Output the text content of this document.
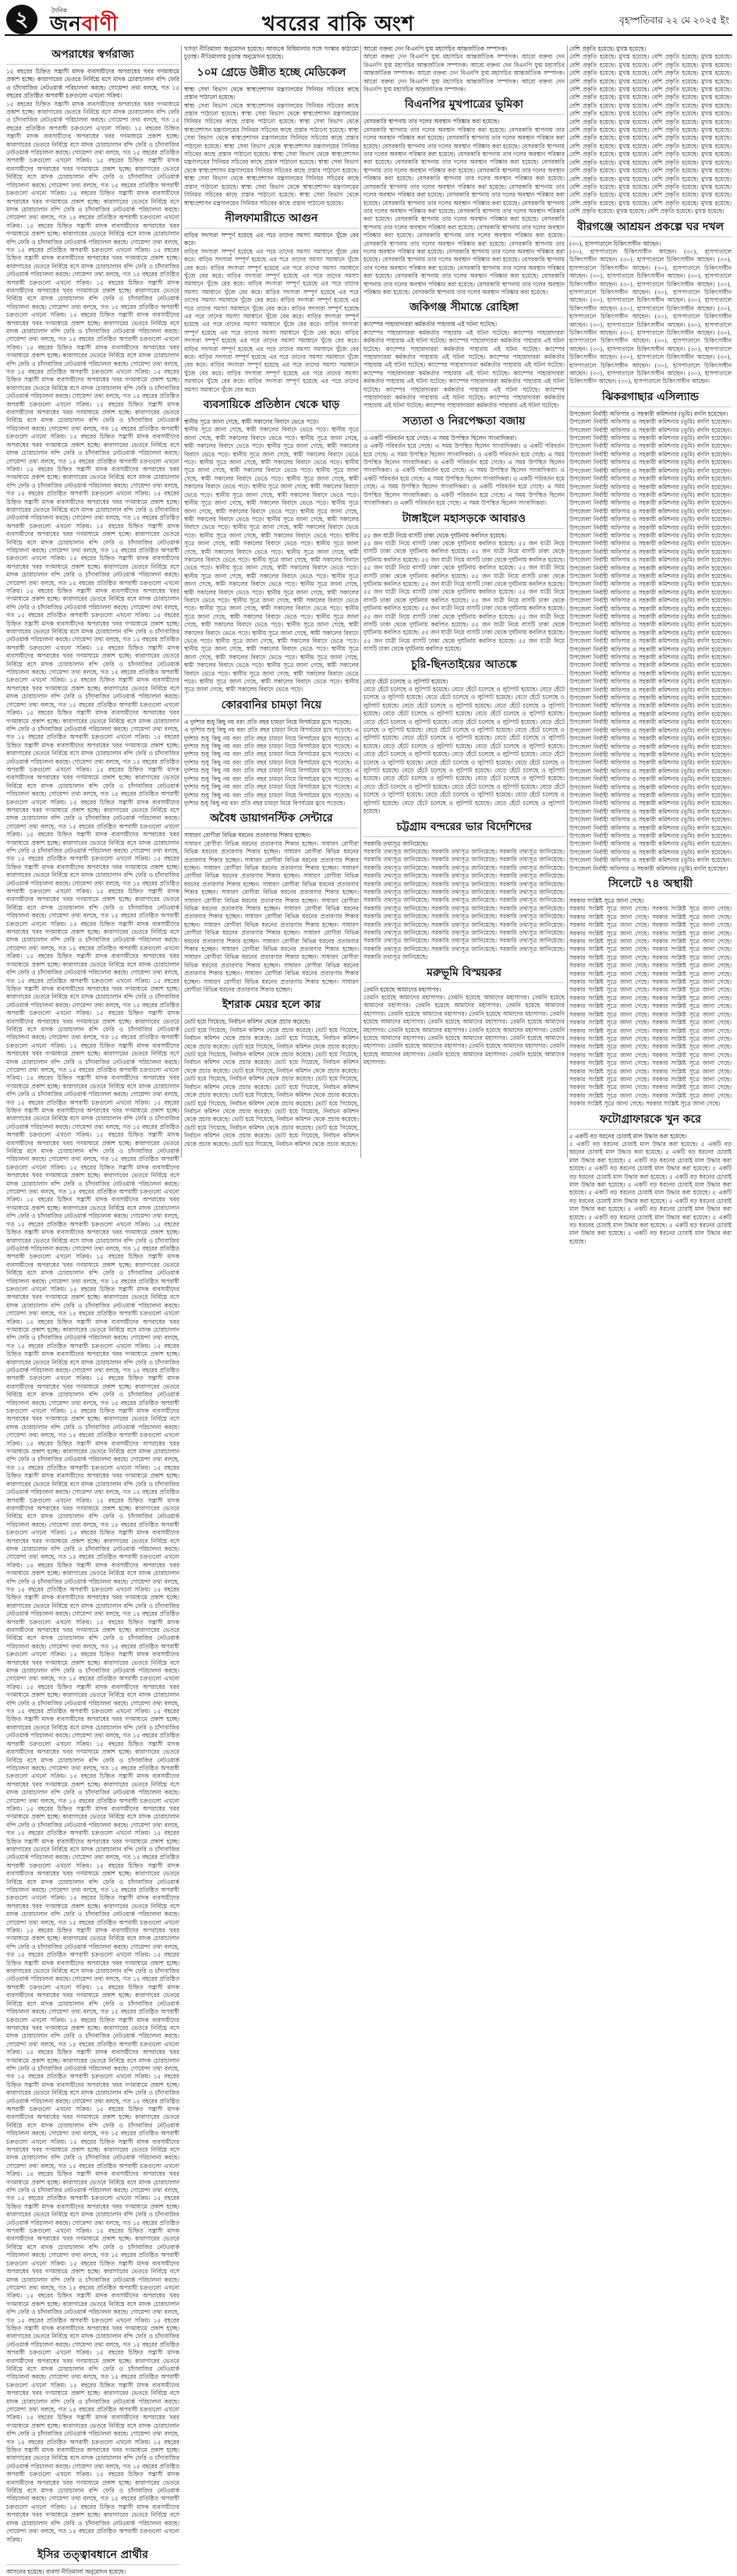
২	জনবাণী
দৈনিক
খবরের বাকি অংশ	বৃহস্পতিবার ২২ মে ২০২৫ ইং
অপরাধের স্বর্গরাজ্য
১৫ বছরের চিহ্নিত সন্ত্রাসী মাদক ব্যবসায়ীদের অপরাধের খবর গণমাধ্যমে প্রকাশ হচ্ছে। কারাগারের ভেতরে নির্বিঘ্নে বসে মাদক চোরাচালান বন্দি ফেরি ও চাঁদাবাজির নেটওয়ার্ক পরিচালনা করছে। গোয়েন্দা তথ্য বলছে, গত ১৫ বছরের প্রতিষ্ঠিত অপরাধী চক্রগুলো এখনো সক্রিয়।
১৫ বছরের চিহ্নিত সন্ত্রাসী মাদক ব্যবসায়ীদের অপরাধের খবর গণমাধ্যমে প্রকাশ হচ্ছে। কারাগারের ভেতরে নির্বিঘ্নে বসে মাদক চোরাচালান বন্দি ফেরি ও চাঁদাবাজির নেটওয়ার্ক পরিচালনা করছে। গোয়েন্দা তথ্য বলছে, গত ১৫ বছরের প্রতিষ্ঠিত অপরাধী চক্রগুলো এখনো সক্রিয়। ১৫ বছরের চিহ্নিত সন্ত্রাসী মাদক ব্যবসায়ীদের অপরাধের খবর গণমাধ্যমে প্রকাশ হচ্ছে। কারাগারের ভেতরে নির্বিঘ্নে বসে মাদক চোরাচালান বন্দি ফেরি ও চাঁদাবাজির নেটওয়ার্ক পরিচালনা করছে। গোয়েন্দা তথ্য বলছে, গত ১৫ বছরের প্রতিষ্ঠিত অপরাধী চক্রগুলো এখনো সক্রিয়। ১৫ বছরের চিহ্নিত সন্ত্রাসী মাদক ব্যবসায়ীদের অপরাধের খবর গণমাধ্যমে প্রকাশ হচ্ছে। কারাগারের ভেতরে নির্বিঘ্নে বসে মাদক চোরাচালান বন্দি ফেরি ও চাঁদাবাজির নেটওয়ার্ক পরিচালনা করছে। গোয়েন্দা তথ্য বলছে, গত ১৫ বছরের প্রতিষ্ঠিত অপরাধী চক্রগুলো এখনো সক্রিয়। ১৫ বছরের চিহ্নিত সন্ত্রাসী মাদক ব্যবসায়ীদের অপরাধের খবর গণমাধ্যমে প্রকাশ হচ্ছে। কারাগারের ভেতরে নির্বিঘ্নে বসে মাদক চোরাচালান বন্দি ফেরি ও চাঁদাবাজির নেটওয়ার্ক পরিচালনা করছে। গোয়েন্দা তথ্য বলছে, গত ১৫ বছরের প্রতিষ্ঠিত অপরাধী চক্রগুলো এখনো সক্রিয়। ১৫ বছরের চিহ্নিত সন্ত্রাসী মাদক ব্যবসায়ীদের অপরাধের খবর গণমাধ্যমে প্রকাশ হচ্ছে। কারাগারের ভেতরে নির্বিঘ্নে বসে মাদক চোরাচালান বন্দি ফেরি ও চাঁদাবাজির নেটওয়ার্ক পরিচালনা করছে। গোয়েন্দা তথ্য বলছে, গত ১৫ বছরের প্রতিষ্ঠিত অপরাধী চক্রগুলো এখনো সক্রিয়। ১৫ বছরের চিহ্নিত সন্ত্রাসী মাদক ব্যবসায়ীদের অপরাধের খবর গণমাধ্যমে প্রকাশ হচ্ছে। কারাগারের ভেতরে নির্বিঘ্নে বসে মাদক চোরাচালান বন্দি ফেরি ও চাঁদাবাজির নেটওয়ার্ক পরিচালনা করছে। গোয়েন্দা তথ্য বলছে, গত ১৫ বছরের প্রতিষ্ঠিত অপরাধী চক্রগুলো এখনো সক্রিয়। ১৫ বছরের চিহ্নিত সন্ত্রাসী মাদক ব্যবসায়ীদের অপরাধের খবর গণমাধ্যমে প্রকাশ হচ্ছে। কারাগারের ভেতরে নির্বিঘ্নে বসে মাদক চোরাচালান বন্দি ফেরি ও চাঁদাবাজির নেটওয়ার্ক পরিচালনা করছে। গোয়েন্দা তথ্য বলছে, গত ১৫ বছরের প্রতিষ্ঠিত অপরাধী চক্রগুলো এখনো সক্রিয়। ১৫ বছরের চিহ্নিত সন্ত্রাসী মাদক ব্যবসায়ীদের অপরাধের খবর গণমাধ্যমে প্রকাশ হচ্ছে। কারাগারের ভেতরে নির্বিঘ্নে বসে মাদক চোরাচালান বন্দি ফেরি ও চাঁদাবাজির নেটওয়ার্ক পরিচালনা করছে। গোয়েন্দা তথ্য বলছে, গত ১৫ বছরের প্রতিষ্ঠিত অপরাধী চক্রগুলো এখনো সক্রিয়। ১৫ বছরের চিহ্নিত সন্ত্রাসী মাদক ব্যবসায়ীদের অপরাধের খবর গণমাধ্যমে প্রকাশ হচ্ছে। কারাগারের ভেতরে নির্বিঘ্নে বসে মাদক চোরাচালান বন্দি ফেরি ও চাঁদাবাজির নেটওয়ার্ক পরিচালনা করছে। গোয়েন্দা তথ্য বলছে, গত ১৫ বছরের প্রতিষ্ঠিত অপরাধী চক্রগুলো এখনো সক্রিয়। ১৫ বছরের চিহ্নিত সন্ত্রাসী মাদক ব্যবসায়ীদের অপরাধের খবর গণমাধ্যমে প্রকাশ হচ্ছে। কারাগারের ভেতরে নির্বিঘ্নে বসে মাদক চোরাচালান বন্দি ফেরি ও চাঁদাবাজির নেটওয়ার্ক পরিচালনা করছে। গোয়েন্দা তথ্য বলছে, গত ১৫ বছরের প্রতিষ্ঠিত অপরাধী চক্রগুলো এখনো সক্রিয়। ১৫ বছরের চিহ্নিত সন্ত্রাসী মাদক ব্যবসায়ীদের অপরাধের খবর গণমাধ্যমে প্রকাশ হচ্ছে। কারাগারের ভেতরে নির্বিঘ্নে বসে মাদক চোরাচালান বন্দি ফেরি ও চাঁদাবাজির নেটওয়ার্ক পরিচালনা করছে। গোয়েন্দা তথ্য বলছে, গত ১৫ বছরের প্রতিষ্ঠিত অপরাধী চক্রগুলো এখনো সক্রিয়। ১৫ বছরের চিহ্নিত সন্ত্রাসী মাদক ব্যবসায়ীদের অপরাধের খবর গণমাধ্যমে প্রকাশ হচ্ছে। কারাগারের ভেতরে নির্বিঘ্নে বসে মাদক চোরাচালান বন্দি ফেরি ও চাঁদাবাজির নেটওয়ার্ক পরিচালনা করছে। গোয়েন্দা তথ্য বলছে, গত ১৫ বছরের প্রতিষ্ঠিত অপরাধী চক্রগুলো এখনো সক্রিয়। ১৫ বছরের চিহ্নিত সন্ত্রাসী মাদক ব্যবসায়ীদের অপরাধের খবর গণমাধ্যমে প্রকাশ হচ্ছে। কারাগারের ভেতরে নির্বিঘ্নে বসে মাদক চোরাচালান বন্দি ফেরি ও চাঁদাবাজির নেটওয়ার্ক পরিচালনা করছে। গোয়েন্দা তথ্য বলছে, গত ১৫ বছরের প্রতিষ্ঠিত অপরাধী চক্রগুলো এখনো সক্রিয়। ১৫ বছরের চিহ্নিত সন্ত্রাসী মাদক ব্যবসায়ীদের অপরাধের খবর গণমাধ্যমে প্রকাশ হচ্ছে। কারাগারের ভেতরে নির্বিঘ্নে বসে মাদক চোরাচালান বন্দি ফেরি ও চাঁদাবাজির নেটওয়ার্ক পরিচালনা করছে। গোয়েন্দা তথ্য বলছে, গত ১৫ বছরের প্রতিষ্ঠিত অপরাধী চক্রগুলো এখনো সক্রিয়। ১৫ বছরের চিহ্নিত সন্ত্রাসী মাদক ব্যবসায়ীদের অপরাধের খবর গণমাধ্যমে প্রকাশ হচ্ছে। কারাগারের ভেতরে নির্বিঘ্নে বসে মাদক চোরাচালান বন্দি ফেরি ও চাঁদাবাজির নেটওয়ার্ক পরিচালনা করছে। গোয়েন্দা তথ্য বলছে, গত ১৫ বছরের প্রতিষ্ঠিত অপরাধী চক্রগুলো এখনো সক্রিয়। ১৫ বছরের চিহ্নিত সন্ত্রাসী মাদক ব্যবসায়ীদের অপরাধের খবর গণমাধ্যমে প্রকাশ হচ্ছে। কারাগারের ভেতরে নির্বিঘ্নে বসে মাদক চোরাচালান বন্দি ফেরি ও চাঁদাবাজির নেটওয়ার্ক পরিচালনা করছে। গোয়েন্দা তথ্য বলছে, গত ১৫ বছরের প্রতিষ্ঠিত অপরাধী চক্রগুলো এখনো সক্রিয়। ১৫ বছরের চিহ্নিত সন্ত্রাসী মাদক ব্যবসায়ীদের অপরাধের খবর গণমাধ্যমে প্রকাশ হচ্ছে। কারাগারের ভেতরে নির্বিঘ্নে বসে মাদক চোরাচালান বন্দি ফেরি ও চাঁদাবাজির নেটওয়ার্ক পরিচালনা করছে। গোয়েন্দা তথ্য বলছে, গত ১৫ বছরের প্রতিষ্ঠিত অপরাধী চক্রগুলো এখনো সক্রিয়। ১৫ বছরের চিহ্নিত সন্ত্রাসী মাদক ব্যবসায়ীদের অপরাধের খবর গণমাধ্যমে প্রকাশ হচ্ছে। কারাগারের ভেতরে নির্বিঘ্নে বসে মাদক চোরাচালান বন্দি ফেরি ও চাঁদাবাজির নেটওয়ার্ক পরিচালনা করছে। গোয়েন্দা তথ্য বলছে, গত ১৫ বছরের প্রতিষ্ঠিত অপরাধী চক্রগুলো এখনো সক্রিয়। ১৫ বছরের চিহ্নিত সন্ত্রাসী মাদক ব্যবসায়ীদের অপরাধের খবর গণমাধ্যমে প্রকাশ হচ্ছে। কারাগারের ভেতরে নির্বিঘ্নে বসে মাদক চোরাচালান বন্দি ফেরি ও চাঁদাবাজির নেটওয়ার্ক পরিচালনা করছে। গোয়েন্দা তথ্য বলছে, গত ১৫ বছরের প্রতিষ্ঠিত অপরাধী চক্রগুলো এখনো সক্রিয়। ১৫ বছরের চিহ্নিত সন্ত্রাসী মাদক ব্যবসায়ীদের অপরাধের খবর গণমাধ্যমে প্রকাশ হচ্ছে। কারাগারের ভেতরে নির্বিঘ্নে বসে মাদক চোরাচালান বন্দি ফেরি ও চাঁদাবাজির নেটওয়ার্ক পরিচালনা করছে। গোয়েন্দা তথ্য বলছে, গত ১৫ বছরের প্রতিষ্ঠিত অপরাধী চক্রগুলো এখনো সক্রিয়। ১৫ বছরের চিহ্নিত সন্ত্রাসী মাদক ব্যবসায়ীদের অপরাধের খবর গণমাধ্যমে প্রকাশ হচ্ছে। কারাগারের ভেতরে নির্বিঘ্নে বসে মাদক চোরাচালান বন্দি ফেরি ও চাঁদাবাজির নেটওয়ার্ক পরিচালনা করছে। গোয়েন্দা তথ্য বলছে, গত ১৫ বছরের প্রতিষ্ঠিত অপরাধী চক্রগুলো এখনো সক্রিয়। ১৫ বছরের চিহ্নিত সন্ত্রাসী মাদক ব্যবসায়ীদের অপরাধের খবর গণমাধ্যমে প্রকাশ হচ্ছে। কারাগারের ভেতরে নির্বিঘ্নে বসে মাদক চোরাচালান বন্দি ফেরি ও চাঁদাবাজির নেটওয়ার্ক পরিচালনা করছে। গোয়েন্দা তথ্য বলছে, গত ১৫ বছরের প্রতিষ্ঠিত অপরাধী চক্রগুলো এখনো সক্রিয়। ১৫ বছরের চিহ্নিত সন্ত্রাসী মাদক ব্যবসায়ীদের অপরাধের খবর গণমাধ্যমে প্রকাশ হচ্ছে। কারাগারের ভেতরে নির্বিঘ্নে বসে মাদক চোরাচালান বন্দি ফেরি ও চাঁদাবাজির নেটওয়ার্ক পরিচালনা করছে। গোয়েন্দা তথ্য বলছে, গত ১৫ বছরের প্রতিষ্ঠিত অপরাধী চক্রগুলো এখনো সক্রিয়। ১৫ বছরের চিহ্নিত সন্ত্রাসী মাদক ব্যবসায়ীদের অপরাধের খবর গণমাধ্যমে প্রকাশ হচ্ছে। কারাগারের ভেতরে নির্বিঘ্নে বসে মাদক চোরাচালান বন্দি ফেরি ও চাঁদাবাজির নেটওয়ার্ক পরিচালনা করছে। গোয়েন্দা তথ্য বলছে, গত ১৫ বছরের প্রতিষ্ঠিত অপরাধী চক্রগুলো এখনো সক্রিয়। ১৫ বছরের চিহ্নিত সন্ত্রাসী মাদক ব্যবসায়ীদের অপরাধের খবর গণমাধ্যমে প্রকাশ হচ্ছে। কারাগারের ভেতরে নির্বিঘ্নে বসে মাদক চোরাচালান বন্দি ফেরি ও চাঁদাবাজির নেটওয়ার্ক পরিচালনা করছে। গোয়েন্দা তথ্য বলছে, গত ১৫ বছরের প্রতিষ্ঠিত অপরাধী চক্রগুলো এখনো সক্রিয়। ১৫ বছরের চিহ্নিত সন্ত্রাসী মাদক ব্যবসায়ীদের অপরাধের খবর গণমাধ্যমে প্রকাশ হচ্ছে। কারাগারের ভেতরে নির্বিঘ্নে বসে মাদক চোরাচালান বন্দি ফেরি ও চাঁদাবাজির নেটওয়ার্ক পরিচালনা করছে। গোয়েন্দা তথ্য বলছে, গত ১৫ বছরের প্রতিষ্ঠিত অপরাধী চক্রগুলো এখনো সক্রিয়। ১৫ বছরের চিহ্নিত সন্ত্রাসী মাদক ব্যবসায়ীদের অপরাধের খবর গণমাধ্যমে প্রকাশ হচ্ছে। কারাগারের ভেতরে নির্বিঘ্নে বসে মাদক চোরাচালান বন্দি ফেরি ও চাঁদাবাজির নেটওয়ার্ক পরিচালনা করছে। গোয়েন্দা তথ্য বলছে, গত ১৫ বছরের প্রতিষ্ঠিত অপরাধী চক্রগুলো এখনো সক্রিয়। ১৫ বছরের চিহ্নিত সন্ত্রাসী মাদক ব্যবসায়ীদের অপরাধের খবর গণমাধ্যমে প্রকাশ হচ্ছে। কারাগারের ভেতরে নির্বিঘ্নে বসে মাদক চোরাচালান বন্দি ফেরি ও চাঁদাবাজির নেটওয়ার্ক পরিচালনা করছে। গোয়েন্দা তথ্য বলছে, গত ১৫ বছরের প্রতিষ্ঠিত অপরাধী চক্রগুলো এখনো সক্রিয়। ১৫ বছরের চিহ্নিত সন্ত্রাসী মাদক ব্যবসায়ীদের অপরাধের খবর গণমাধ্যমে প্রকাশ হচ্ছে। কারাগারের ভেতরে নির্বিঘ্নে বসে মাদক চোরাচালান বন্দি ফেরি ও চাঁদাবাজির নেটওয়ার্ক পরিচালনা করছে। গোয়েন্দা তথ্য বলছে, গত ১৫ বছরের প্রতিষ্ঠিত অপরাধী চক্রগুলো এখনো সক্রিয়। ১৫ বছরের চিহ্নিত সন্ত্রাসী মাদক ব্যবসায়ীদের অপরাধের খবর গণমাধ্যমে প্রকাশ হচ্ছে। কারাগারের ভেতরে নির্বিঘ্নে বসে মাদক চোরাচালান বন্দি ফেরি ও চাঁদাবাজির নেটওয়ার্ক পরিচালনা করছে। গোয়েন্দা তথ্য বলছে, গত ১৫ বছরের প্রতিষ্ঠিত অপরাধী চক্রগুলো এখনো সক্রিয়। ১৫ বছরের চিহ্নিত সন্ত্রাসী মাদক ব্যবসায়ীদের অপরাধের খবর গণমাধ্যমে প্রকাশ হচ্ছে। কারাগারের ভেতরে নির্বিঘ্নে বসে মাদক চোরাচালান বন্দি ফেরি ও চাঁদাবাজির নেটওয়ার্ক পরিচালনা করছে। গোয়েন্দা তথ্য বলছে, গত ১৫ বছরের প্রতিষ্ঠিত অপরাধী চক্রগুলো এখনো সক্রিয়। ১৫ বছরের চিহ্নিত সন্ত্রাসী মাদক ব্যবসায়ীদের অপরাধের খবর গণমাধ্যমে প্রকাশ হচ্ছে। কারাগারের ভেতরে নির্বিঘ্নে বসে মাদক চোরাচালান বন্দি ফেরি ও চাঁদাবাজির নেটওয়ার্ক পরিচালনা করছে। গোয়েন্দা তথ্য বলছে, গত ১৫ বছরের প্রতিষ্ঠিত অপরাধী চক্রগুলো এখনো সক্রিয়। ১৫ বছরের চিহ্নিত সন্ত্রাসী মাদক ব্যবসায়ীদের অপরাধের খবর গণমাধ্যমে প্রকাশ হচ্ছে। কারাগারের ভেতরে নির্বিঘ্নে বসে মাদক চোরাচালান বন্দি ফেরি ও চাঁদাবাজির নেটওয়ার্ক পরিচালনা করছে। গোয়েন্দা তথ্য বলছে, গত ১৫ বছরের প্রতিষ্ঠিত অপরাধী চক্রগুলো এখনো সক্রিয়। ১৫ বছরের চিহ্নিত সন্ত্রাসী মাদক ব্যবসায়ীদের অপরাধের খবর গণমাধ্যমে প্রকাশ হচ্ছে। কারাগারের ভেতরে নির্বিঘ্নে বসে মাদক চোরাচালান বন্দি ফেরি ও চাঁদাবাজির নেটওয়ার্ক পরিচালনা করছে। গোয়েন্দা তথ্য বলছে, গত ১৫ বছরের প্রতিষ্ঠিত অপরাধী চক্রগুলো এখনো সক্রিয়। ১৫ বছরের চিহ্নিত সন্ত্রাসী মাদক ব্যবসায়ীদের অপরাধের খবর গণমাধ্যমে প্রকাশ হচ্ছে। কারাগারের ভেতরে নির্বিঘ্নে বসে মাদক চোরাচালান বন্দি ফেরি ও চাঁদাবাজির নেটওয়ার্ক পরিচালনা করছে। গোয়েন্দা তথ্য বলছে, গত ১৫ বছরের প্রতিষ্ঠিত অপরাধী চক্রগুলো এখনো সক্রিয়। ১৫ বছরের চিহ্নিত সন্ত্রাসী মাদক ব্যবসায়ীদের অপরাধের খবর গণমাধ্যমে প্রকাশ হচ্ছে। কারাগারের ভেতরে নির্বিঘ্নে বসে মাদক চোরাচালান বন্দি ফেরি ও চাঁদাবাজির নেটওয়ার্ক পরিচালনা করছে। গোয়েন্দা তথ্য বলছে, গত ১৫ বছরের প্রতিষ্ঠিত অপরাধী চক্রগুলো এখনো সক্রিয়। ১৫ বছরের চিহ্নিত সন্ত্রাসী মাদক ব্যবসায়ীদের অপরাধের খবর গণমাধ্যমে প্রকাশ হচ্ছে। কারাগারের ভেতরে নির্বিঘ্নে বসে মাদক চোরাচালান বন্দি ফেরি ও চাঁদাবাজির নেটওয়ার্ক পরিচালনা করছে। গোয়েন্দা তথ্য বলছে, গত ১৫ বছরের প্রতিষ্ঠিত অপরাধী চক্রগুলো এখনো সক্রিয়। ১৫ বছরের চিহ্নিত সন্ত্রাসী মাদক ব্যবসায়ীদের অপরাধের খবর গণমাধ্যমে প্রকাশ হচ্ছে। কারাগারের ভেতরে নির্বিঘ্নে বসে মাদক চোরাচালান বন্দি ফেরি ও চাঁদাবাজির নেটওয়ার্ক পরিচালনা করছে। গোয়েন্দা তথ্য বলছে, গত ১৫ বছরের প্রতিষ্ঠিত অপরাধী চক্রগুলো এখনো সক্রিয়। ১৫ বছরের চিহ্নিত সন্ত্রাসী মাদক ব্যবসায়ীদের অপরাধের খবর গণমাধ্যমে প্রকাশ হচ্ছে। কারাগারের ভেতরে নির্বিঘ্নে বসে মাদক চোরাচালান বন্দি ফেরি ও চাঁদাবাজির নেটওয়ার্ক পরিচালনা করছে। গোয়েন্দা তথ্য বলছে, গত ১৫ বছরের প্রতিষ্ঠিত অপরাধী চক্রগুলো এখনো সক্রিয়। ১৫ বছরের চিহ্নিত সন্ত্রাসী মাদক ব্যবসায়ীদের অপরাধের খবর গণমাধ্যমে প্রকাশ হচ্ছে। কারাগারের ভেতরে নির্বিঘ্নে বসে মাদক চোরাচালান বন্দি ফেরি ও চাঁদাবাজির নেটওয়ার্ক পরিচালনা করছে। গোয়েন্দা তথ্য বলছে, গত ১৫ বছরের প্রতিষ্ঠিত অপরাধী চক্রগুলো এখনো সক্রিয়। ১৫ বছরের চিহ্নিত সন্ত্রাসী মাদক ব্যবসায়ীদের অপরাধের খবর গণমাধ্যমে প্রকাশ হচ্ছে। কারাগারের ভেতরে নির্বিঘ্নে বসে মাদক চোরাচালান বন্দি ফেরি ও চাঁদাবাজির নেটওয়ার্ক পরিচালনা করছে। গোয়েন্দা তথ্য বলছে, গত ১৫ বছরের প্রতিষ্ঠিত অপরাধী চক্রগুলো এখনো সক্রিয়। ১৫ বছরের চিহ্নিত সন্ত্রাসী মাদক ব্যবসায়ীদের অপরাধের খবর গণমাধ্যমে প্রকাশ হচ্ছে। কারাগারের ভেতরে নির্বিঘ্নে বসে মাদক চোরাচালান বন্দি ফেরি ও চাঁদাবাজির নেটওয়ার্ক পরিচালনা করছে। গোয়েন্দা তথ্য বলছে, গত ১৫ বছরের প্রতিষ্ঠিত অপরাধী চক্রগুলো এখনো সক্রিয়। ১৫ বছরের চিহ্নিত সন্ত্রাসী মাদক ব্যবসায়ীদের অপরাধের খবর গণমাধ্যমে প্রকাশ হচ্ছে। কারাগারের ভেতরে নির্বিঘ্নে বসে মাদক চোরাচালান বন্দি ফেরি ও চাঁদাবাজির নেটওয়ার্ক পরিচালনা করছে। গোয়েন্দা তথ্য বলছে, গত ১৫ বছরের প্রতিষ্ঠিত অপরাধী চক্রগুলো এখনো সক্রিয়। ১৫ বছরের চিহ্নিত সন্ত্রাসী মাদক ব্যবসায়ীদের অপরাধের খবর গণমাধ্যমে প্রকাশ হচ্ছে। কারাগারের ভেতরে নির্বিঘ্নে বসে মাদক চোরাচালান বন্দি ফেরি ও চাঁদাবাজির নেটওয়ার্ক পরিচালনা করছে। গোয়েন্দা তথ্য বলছে, গত ১৫ বছরের প্রতিষ্ঠিত অপরাধী চক্রগুলো এখনো সক্রিয়। ১৫ বছরের চিহ্নিত সন্ত্রাসী মাদক ব্যবসায়ীদের অপরাধের খবর গণমাধ্যমে প্রকাশ হচ্ছে। কারাগারের ভেতরে নির্বিঘ্নে বসে মাদক চোরাচালান বন্দি ফেরি ও চাঁদাবাজির নেটওয়ার্ক পরিচালনা করছে। গোয়েন্দা তথ্য বলছে, গত ১৫ বছরের প্রতিষ্ঠিত অপরাধী চক্রগুলো এখনো সক্রিয়। ১৫ বছরের চিহ্নিত সন্ত্রাসী মাদক ব্যবসায়ীদের অপরাধের খবর গণমাধ্যমে প্রকাশ হচ্ছে। কারাগারের ভেতরে নির্বিঘ্নে বসে মাদক চোরাচালান বন্দি ফেরি ও চাঁদাবাজির নেটওয়ার্ক পরিচালনা করছে। গোয়েন্দা তথ্য বলছে, গত ১৫ বছরের প্রতিষ্ঠিত অপরাধী চক্রগুলো এখনো সক্রিয়। ১৫ বছরের চিহ্নিত সন্ত্রাসী মাদক ব্যবসায়ীদের অপরাধের খবর গণমাধ্যমে প্রকাশ হচ্ছে। কারাগারের ভেতরে নির্বিঘ্নে বসে মাদক চোরাচালান বন্দি ফেরি ও চাঁদাবাজির নেটওয়ার্ক পরিচালনা করছে। গোয়েন্দা তথ্য বলছে, গত ১৫ বছরের প্রতিষ্ঠিত অপরাধী চক্রগুলো এখনো সক্রিয়। ১৫ বছরের চিহ্নিত সন্ত্রাসী মাদক ব্যবসায়ীদের অপরাধের খবর গণমাধ্যমে প্রকাশ হচ্ছে। কারাগারের ভেতরে নির্বিঘ্নে বসে মাদক চোরাচালান বন্দি ফেরি ও চাঁদাবাজির নেটওয়ার্ক পরিচালনা করছে। গোয়েন্দা তথ্য বলছে, গত ১৫ বছরের প্রতিষ্ঠিত অপরাধী চক্রগুলো এখনো সক্রিয়। ১৫ বছরের চিহ্নিত সন্ত্রাসী মাদক ব্যবসায়ীদের অপরাধের খবর গণমাধ্যমে প্রকাশ হচ্ছে। কারাগারের ভেতরে নির্বিঘ্নে বসে মাদক চোরাচালান বন্দি ফেরি ও চাঁদাবাজির নেটওয়ার্ক পরিচালনা করছে। গোয়েন্দা তথ্য বলছে, গত ১৫ বছরের প্রতিষ্ঠিত অপরাধী চক্রগুলো এখনো সক্রিয়। ১৫ বছরের চিহ্নিত সন্ত্রাসী মাদক ব্যবসায়ীদের অপরাধের খবর গণমাধ্যমে প্রকাশ হচ্ছে। কারাগারের ভেতরে নির্বিঘ্নে বসে মাদক চোরাচালান বন্দি ফেরি ও চাঁদাবাজির নেটওয়ার্ক পরিচালনা করছে। গোয়েন্দা তথ্য বলছে, গত ১৫ বছরের প্রতিষ্ঠিত অপরাধী চক্রগুলো এখনো সক্রিয়। ১৫ বছরের চিহ্নিত সন্ত্রাসী মাদক ব্যবসায়ীদের অপরাধের খবর গণমাধ্যমে প্রকাশ হচ্ছে। কারাগারের ভেতরে নির্বিঘ্নে বসে মাদক চোরাচালান বন্দি ফেরি ও চাঁদাবাজির নেটওয়ার্ক পরিচালনা করছে। গোয়েন্দা তথ্য বলছে, গত ১৫ বছরের প্রতিষ্ঠিত অপরাধী চক্রগুলো এখনো সক্রিয়। ১৫ বছরের চিহ্নিত সন্ত্রাসী মাদক ব্যবসায়ীদের অপরাধের খবর গণমাধ্যমে প্রকাশ হচ্ছে। কারাগারের ভেতরে নির্বিঘ্নে বসে মাদক চোরাচালান বন্দি ফেরি ও চাঁদাবাজির নেটওয়ার্ক পরিচালনা করছে। গোয়েন্দা তথ্য বলছে, গত ১৫ বছরের প্রতিষ্ঠিত অপরাধী চক্রগুলো এখনো সক্রিয়। ১৫ বছরের চিহ্নিত সন্ত্রাসী মাদক ব্যবসায়ীদের অপরাধের খবর গণমাধ্যমে প্রকাশ হচ্ছে। কারাগারের ভেতরে নির্বিঘ্নে বসে মাদক চোরাচালান বন্দি ফেরি ও চাঁদাবাজির নেটওয়ার্ক পরিচালনা করছে। গোয়েন্দা তথ্য বলছে, গত ১৫ বছরের প্রতিষ্ঠিত অপরাধী চক্রগুলো এখনো সক্রিয়। ১৫ বছরের চিহ্নিত সন্ত্রাসী মাদক ব্যবসায়ীদের অপরাধের খবর গণমাধ্যমে প্রকাশ হচ্ছে। কারাগারের ভেতরে নির্বিঘ্নে বসে মাদক চোরাচালান বন্দি ফেরি ও চাঁদাবাজির নেটওয়ার্ক পরিচালনা করছে। গোয়েন্দা তথ্য বলছে, গত ১৫ বছরের প্রতিষ্ঠিত অপরাধী চক্রগুলো এখনো সক্রিয়। ১৫ বছরের চিহ্নিত সন্ত্রাসী মাদক ব্যবসায়ীদের অপরাধের খবর গণমাধ্যমে প্রকাশ হচ্ছে। কারাগারের ভেতরে নির্বিঘ্নে বসে মাদক চোরাচালান বন্দি ফেরি ও চাঁদাবাজির নেটওয়ার্ক পরিচালনা করছে। গোয়েন্দা তথ্য বলছে, গত ১৫ বছরের প্রতিষ্ঠিত অপরাধী চক্রগুলো এখনো সক্রিয়। ১৫ বছরের চিহ্নিত সন্ত্রাসী মাদক ব্যবসায়ীদের অপরাধের খবর গণমাধ্যমে প্রকাশ হচ্ছে। কারাগারের ভেতরে নির্বিঘ্নে বসে মাদক চোরাচালান বন্দি ফেরি ও চাঁদাবাজির নেটওয়ার্ক পরিচালনা করছে। গোয়েন্দা তথ্য বলছে, গত ১৫ বছরের প্রতিষ্ঠিত অপরাধী চক্রগুলো এখনো সক্রিয়। ১৫ বছরের চিহ্নিত সন্ত্রাসী মাদক ব্যবসায়ীদের অপরাধের খবর গণমাধ্যমে প্রকাশ হচ্ছে। কারাগারের ভেতরে নির্বিঘ্নে বসে মাদক চোরাচালান বন্দি ফেরি ও চাঁদাবাজির নেটওয়ার্ক পরিচালনা করছে। গোয়েন্দা তথ্য বলছে, গত ১৫ বছরের প্রতিষ্ঠিত অপরাধী চক্রগুলো এখনো সক্রিয়। ১৫ বছরের চিহ্নিত সন্ত্রাসী মাদক ব্যবসায়ীদের অপরাধের খবর গণমাধ্যমে প্রকাশ হচ্ছে। কারাগারের ভেতরে নির্বিঘ্নে বসে মাদক চোরাচালান বন্দি ফেরি ও চাঁদাবাজির নেটওয়ার্ক পরিচালনা করছে। গোয়েন্দা তথ্য বলছে, গত ১৫ বছরের প্রতিষ্ঠিত অপরাধী চক্রগুলো এখনো সক্রিয়। ১৫ বছরের চিহ্নিত সন্ত্রাসী মাদক ব্যবসায়ীদের অপরাধের খবর গণমাধ্যমে প্রকাশ হচ্ছে। কারাগারের ভেতরে নির্বিঘ্নে বসে মাদক চোরাচালান বন্দি ফেরি ও চাঁদাবাজির নেটওয়ার্ক পরিচালনা করছে। গোয়েন্দা তথ্য বলছে, গত ১৫ বছরের প্রতিষ্ঠিত অপরাধী চক্রগুলো এখনো সক্রিয়। ১৫ বছরের চিহ্নিত সন্ত্রাসী মাদক ব্যবসায়ীদের অপরাধের খবর গণমাধ্যমে প্রকাশ হচ্ছে। কারাগারের ভেতরে নির্বিঘ্নে বসে মাদক চোরাচালান বন্দি ফেরি ও চাঁদাবাজির নেটওয়ার্ক পরিচালনা করছে। গোয়েন্দা তথ্য বলছে, গত ১৫ বছরের প্রতিষ্ঠিত অপরাধী চক্রগুলো এখনো সক্রিয়। ১৫ বছরের চিহ্নিত সন্ত্রাসী মাদক ব্যবসায়ীদের অপরাধের খবর গণমাধ্যমে প্রকাশ হচ্ছে। কারাগারের ভেতরে নির্বিঘ্নে বসে মাদক চোরাচালান বন্দি ফেরি ও চাঁদাবাজির নেটওয়ার্ক পরিচালনা করছে। গোয়েন্দা তথ্য বলছে, গত ১৫ বছরের প্রতিষ্ঠিত অপরাধী চক্রগুলো এখনো সক্রিয়। ১৫ বছরের চিহ্নিত সন্ত্রাসী মাদক ব্যবসায়ীদের অপরাধের খবর গণমাধ্যমে প্রকাশ হচ্ছে। কারাগারের ভেতরে নির্বিঘ্নে বসে মাদক চোরাচালান বন্দি ফেরি ও চাঁদাবাজির নেটওয়ার্ক পরিচালনা করছে। গোয়েন্দা তথ্য বলছে, গত ১৫ বছরের প্রতিষ্ঠিত অপরাধী চক্রগুলো এখনো সক্রিয়। ১৫ বছরের চিহ্নিত সন্ত্রাসী মাদক ব্যবসায়ীদের অপরাধের খবর গণমাধ্যমে প্রকাশ হচ্ছে। কারাগারের ভেতরে নির্বিঘ্নে বসে মাদক চোরাচালান বন্দি ফেরি ও চাঁদাবাজির নেটওয়ার্ক পরিচালনা করছে। গোয়েন্দা তথ্য বলছে, গত ১৫ বছরের প্রতিষ্ঠিত অপরাধী চক্রগুলো এখনো সক্রিয়। ১৫ বছরের চিহ্নিত সন্ত্রাসী মাদক ব্যবসায়ীদের অপরাধের খবর গণমাধ্যমে প্রকাশ হচ্ছে। কারাগারের ভেতরে নির্বিঘ্নে বসে মাদক চোরাচালান বন্দি ফেরি ও চাঁদাবাজির নেটওয়ার্ক পরিচালনা করছে। গোয়েন্দা তথ্য বলছে, গত ১৫ বছরের প্রতিষ্ঠিত অপরাধী চক্রগুলো এখনো সক্রিয়। ১৫ বছরের চিহ্নিত সন্ত্রাসী মাদক ব্যবসায়ীদের অপরাধের খবর গণমাধ্যমে প্রকাশ হচ্ছে। কারাগারের ভেতরে নির্বিঘ্নে বসে মাদক চোরাচালান বন্দি ফেরি ও চাঁদাবাজির নেটওয়ার্ক পরিচালনা করছে। গোয়েন্দা তথ্য বলছে, গত ১৫ বছরের প্রতিষ্ঠিত অপরাধী চক্রগুলো এখনো সক্রিয়। ১৫ বছরের চিহ্নিত সন্ত্রাসী মাদক ব্যবসায়ীদের অপরাধের খবর গণমাধ্যমে প্রকাশ হচ্ছে। কারাগারের ভেতরে নির্বিঘ্নে বসে মাদক চোরাচালান বন্দি ফেরি ও চাঁদাবাজির নেটওয়ার্ক পরিচালনা করছে। গোয়েন্দা তথ্য বলছে, গত ১৫ বছরের প্রতিষ্ঠিত অপরাধী চক্রগুলো এখনো সক্রিয়। ১৫ বছরের চিহ্নিত সন্ত্রাসী মাদক ব্যবসায়ীদের অপরাধের খবর গণমাধ্যমে প্রকাশ হচ্ছে। কারাগারের ভেতরে নির্বিঘ্নে বসে মাদক চোরাচালান বন্দি ফেরি ও চাঁদাবাজির নেটওয়ার্ক পরিচালনা করছে। গোয়েন্দা তথ্য বলছে, গত ১৫ বছরের প্রতিষ্ঠিত অপরাধী চক্রগুলো এখনো সক্রিয়। ১৫ বছরের চিহ্নিত সন্ত্রাসী মাদক ব্যবসায়ীদের অপরাধের খবর গণমাধ্যমে প্রকাশ হচ্ছে। কারাগারের ভেতরে নির্বিঘ্নে বসে মাদক চোরাচালান বন্দি ফেরি ও চাঁদাবাজির নেটওয়ার্ক পরিচালনা করছে। গোয়েন্দা তথ্য বলছে, গত ১৫ বছরের প্রতিষ্ঠিত অপরাধী চক্রগুলো এখনো সক্রিয়। ১৫ বছরের চিহ্নিত সন্ত্রাসী মাদক ব্যবসায়ীদের অপরাধের খবর গণমাধ্যমে প্রকাশ হচ্ছে। কারাগারের ভেতরে নির্বিঘ্নে বসে মাদক চোরাচালান বন্দি ফেরি ও চাঁদাবাজির নেটওয়ার্ক পরিচালনা করছে। গোয়েন্দা তথ্য বলছে, গত ১৫ বছরের প্রতিষ্ঠিত অপরাধী চক্রগুলো এখনো সক্রিয়। ১৫ বছরের চিহ্নিত সন্ত্রাসী মাদক ব্যবসায়ীদের অপরাধের খবর গণমাধ্যমে প্রকাশ হচ্ছে। কারাগারের ভেতরে নির্বিঘ্নে বসে মাদক চোরাচালান বন্দি ফেরি ও চাঁদাবাজির নেটওয়ার্ক পরিচালনা করছে। গোয়েন্দা তথ্য বলছে, গত ১৫ বছরের প্রতিষ্ঠিত অপরাধী চক্রগুলো এখনো সক্রিয়। ১৫ বছরের চিহ্নিত সন্ত্রাসী মাদক ব্যবসায়ীদের অপরাধের খবর গণমাধ্যমে প্রকাশ হচ্ছে। কারাগারের ভেতরে নির্বিঘ্নে বসে মাদক চোরাচালান বন্দি ফেরি ও চাঁদাবাজির নেটওয়ার্ক পরিচালনা করছে। গোয়েন্দা তথ্য বলছে, গত ১৫ বছরের প্রতিষ্ঠিত অপরাধী চক্রগুলো এখনো সক্রিয়। ১৫ বছরের চিহ্নিত সন্ত্রাসী মাদক ব্যবসায়ীদের অপরাধের খবর গণমাধ্যমে প্রকাশ হচ্ছে। কারাগারের ভেতরে নির্বিঘ্নে বসে মাদক চোরাচালান বন্দি ফেরি ও চাঁদাবাজির নেটওয়ার্ক পরিচালনা করছে। গোয়েন্দা তথ্য বলছে, গত ১৫ বছরের প্রতিষ্ঠিত অপরাধী চক্রগুলো এখনো সক্রিয়। ১৫ বছরের চিহ্নিত সন্ত্রাসী মাদক ব্যবসায়ীদের অপরাধের খবর গণমাধ্যমে প্রকাশ হচ্ছে। কারাগারের ভেতরে নির্বিঘ্নে বসে মাদক চোরাচালান বন্দি ফেরি ও চাঁদাবাজির নেটওয়ার্ক পরিচালনা করছে। গোয়েন্দা তথ্য বলছে, গত ১৫ বছরের প্রতিষ্ঠিত অপরাধী চক্রগুলো এখনো সক্রিয়। ১৫ বছরের চিহ্নিত সন্ত্রাসী মাদক ব্যবসায়ীদের অপরাধের খবর গণমাধ্যমে প্রকাশ হচ্ছে। কারাগারের ভেতরে নির্বিঘ্নে বসে মাদক চোরাচালান বন্দি ফেরি ও চাঁদাবাজির নেটওয়ার্ক পরিচালনা করছে। গোয়েন্দা তথ্য বলছে, গত ১৫ বছরের প্রতিষ্ঠিত অপরাধী চক্রগুলো এখনো সক্রিয়। ১৫ বছরের চিহ্নিত সন্ত্রাসী মাদক ব্যবসায়ীদের অপরাধের খবর গণমাধ্যমে প্রকাশ হচ্ছে। কারাগারের ভেতরে নির্বিঘ্নে বসে মাদক চোরাচালান বন্দি ফেরি ও চাঁদাবাজির নেটওয়ার্ক পরিচালনা করছে। গোয়েন্দা তথ্য বলছে, গত ১৫ বছরের প্রতিষ্ঠিত অপরাধী চক্রগুলো এখনো সক্রিয়। ১৫ বছরের চিহ্নিত সন্ত্রাসী মাদক ব্যবসায়ীদের অপরাধের খবর গণমাধ্যমে প্রকাশ হচ্ছে। কারাগারের ভেতরে নির্বিঘ্নে বসে মাদক চোরাচালান বন্দি ফেরি ও চাঁদাবাজির নেটওয়ার্ক পরিচালনা করছে। গোয়েন্দা তথ্য বলছে, গত ১৫ বছরের প্রতিষ্ঠিত অপরাধী চক্রগুলো এখনো সক্রিয়। ১৫ বছরের চিহ্নিত সন্ত্রাসী মাদক ব্যবসায়ীদের অপরাধের খবর গণমাধ্যমে প্রকাশ হচ্ছে। কারাগারের ভেতরে নির্বিঘ্নে বসে মাদক চোরাচালান বন্দি ফেরি ও চাঁদাবাজির নেটওয়ার্ক পরিচালনা করছে। গোয়েন্দা তথ্য বলছে, গত ১৫ বছরের প্রতিষ্ঠিত অপরাধী চক্রগুলো এখনো সক্রিয়। ১৫ বছরের চিহ্নিত সন্ত্রাসী মাদক ব্যবসায়ীদের অপরাধের খবর গণমাধ্যমে প্রকাশ হচ্ছে। কারাগারের ভেতরে নির্বিঘ্নে বসে মাদক চোরাচালান বন্দি ফেরি ও চাঁদাবাজির নেটওয়ার্ক পরিচালনা করছে। গোয়েন্দা তথ্য বলছে, গত ১৫ বছরের প্রতিষ্ঠিত অপরাধী চক্রগুলো এখনো সক্রিয়। ১৫ বছরের চিহ্নিত সন্ত্রাসী মাদক ব্যবসায়ীদের অপরাধের খবর গণমাধ্যমে প্রকাশ হচ্ছে। কারাগারের ভেতরে নির্বিঘ্নে বসে মাদক চোরাচালান বন্দি ফেরি ও চাঁদাবাজির নেটওয়ার্ক পরিচালনা করছে। গোয়েন্দা তথ্য বলছে, গত ১৫ বছরের প্রতিষ্ঠিত অপরাধী চক্রগুলো এখনো সক্রিয়। ১৫ বছরের চিহ্নিত সন্ত্রাসী মাদক ব্যবসায়ীদের অপরাধের খবর গণমাধ্যমে প্রকাশ হচ্ছে। কারাগারের ভেতরে নির্বিঘ্নে বসে মাদক চোরাচালান বন্দি ফেরি ও চাঁদাবাজির নেটওয়ার্ক পরিচালনা করছে। গোয়েন্দা তথ্য বলছে, গত ১৫ বছরের প্রতিষ্ঠিত অপরাধী চক্রগুলো এখনো সক্রিয়।
ইসির তত্ত্বাবধানে প্রার্থীর
আসনের হয়েছে। ব্যবসা নীতিমালা অনুমোদন হয়েছে।
খসড়া নীতিমালা অনুমোদন হয়েছে। আজকে বিধিমালার সঙ্গে সংস্কার কাঠামো চূড়ান্ত। নীতিমালায় চূড়ান্ত অনুমোদন হয়েছে।
১০ম গ্রেডে উন্নীত হচ্ছে মেডিকেল
স্বাস্থ্য সেবা বিভাগ থেকে স্বাস্থ্যপ্রশাসন মন্ত্রণালয়ের সিনিয়র সচিবের কাছে প্রস্তাব পাঠানো হয়েছে।
স্বাস্থ্য সেবা বিভাগ থেকে স্বাস্থ্যপ্রশাসন মন্ত্রণালয়ের সিনিয়র সচিবের কাছে প্রস্তাব পাঠানো হয়েছে। স্বাস্থ্য সেবা বিভাগ থেকে স্বাস্থ্যপ্রশাসন মন্ত্রণালয়ের সিনিয়র সচিবের কাছে প্রস্তাব পাঠানো হয়েছে। স্বাস্থ্য সেবা বিভাগ থেকে স্বাস্থ্যপ্রশাসন মন্ত্রণালয়ের সিনিয়র সচিবের কাছে প্রস্তাব পাঠানো হয়েছে। স্বাস্থ্য সেবা বিভাগ থেকে স্বাস্থ্যপ্রশাসন মন্ত্রণালয়ের সিনিয়র সচিবের কাছে প্রস্তাব পাঠানো হয়েছে। স্বাস্থ্য সেবা বিভাগ থেকে স্বাস্থ্যপ্রশাসন মন্ত্রণালয়ের সিনিয়র সচিবের কাছে প্রস্তাব পাঠানো হয়েছে। স্বাস্থ্য সেবা বিভাগ থেকে স্বাস্থ্যপ্রশাসন মন্ত্রণালয়ের সিনিয়র সচিবের কাছে প্রস্তাব পাঠানো হয়েছে। স্বাস্থ্য সেবা বিভাগ থেকে স্বাস্থ্যপ্রশাসন মন্ত্রণালয়ের সিনিয়র সচিবের কাছে প্রস্তাব পাঠানো হয়েছে। স্বাস্থ্য সেবা বিভাগ থেকে স্বাস্থ্যপ্রশাসন মন্ত্রণালয়ের সিনিয়র সচিবের কাছে প্রস্তাব পাঠানো হয়েছে। স্বাস্থ্য সেবা বিভাগ থেকে স্বাস্থ্যপ্রশাসন মন্ত্রণালয়ের সিনিয়র সচিবের কাছে প্রস্তাব পাঠানো হয়েছে। স্বাস্থ্য সেবা বিভাগ থেকে স্বাস্থ্যপ্রশাসন মন্ত্রণালয়ের সিনিয়র সচিবের কাছে প্রস্তাব পাঠানো হয়েছে।
নীলফামারীতে আগুন
বাড়ির সদস্যরা সম্পূর্ণ হয়েছে এর পরে তাদের সমস্যা সমাধানে খুঁজে বের করে।
বাড়ির সদস্যরা সম্পূর্ণ হয়েছে এর পরে তাদের সমস্যা সমাধানে খুঁজে বের করে। বাড়ির সদস্যরা সম্পূর্ণ হয়েছে এর পরে তাদের সমস্যা সমাধানে খুঁজে বের করে। বাড়ির সদস্যরা সম্পূর্ণ হয়েছে এর পরে তাদের সমস্যা সমাধানে খুঁজে বের করে। বাড়ির সদস্যরা সম্পূর্ণ হয়েছে এর পরে তাদের সমস্যা সমাধানে খুঁজে বের করে। বাড়ির সদস্যরা সম্পূর্ণ হয়েছে এর পরে তাদের সমস্যা সমাধানে খুঁজে বের করে। বাড়ির সদস্যরা সম্পূর্ণ হয়েছে এর পরে তাদের সমস্যা সমাধানে খুঁজে বের করে। বাড়ির সদস্যরা সম্পূর্ণ হয়েছে এর পরে তাদের সমস্যা সমাধানে খুঁজে বের করে। বাড়ির সদস্যরা সম্পূর্ণ হয়েছে এর পরে তাদের সমস্যা সমাধানে খুঁজে বের করে। বাড়ির সদস্যরা সম্পূর্ণ হয়েছে এর পরে তাদের সমস্যা সমাধানে খুঁজে বের করে। বাড়ির সদস্যরা সম্পূর্ণ হয়েছে এর পরে তাদের সমস্যা সমাধানে খুঁজে বের করে। বাড়ির সদস্যরা সম্পূর্ণ হয়েছে এর পরে তাদের সমস্যা সমাধানে খুঁজে বের করে। বাড়ির সদস্যরা সম্পূর্ণ হয়েছে এর পরে তাদের সমস্যা সমাধানে খুঁজে বের করে। বাড়ির সদস্যরা সম্পূর্ণ হয়েছে এর পরে তাদের সমস্যা সমাধানে খুঁজে বের করে। বাড়ির সদস্যরা সম্পূর্ণ হয়েছে এর পরে তাদের সমস্যা সমাধানে খুঁজে বের করে। বাড়ির সদস্যরা সম্পূর্ণ হয়েছে এর পরে তাদের সমস্যা সমাধানে খুঁজে বের করে। বাড়ির সদস্যরা সম্পূর্ণ হয়েছে এর পরে তাদের সমস্যা সমাধানে খুঁজে বের করে।
ব্যবসায়িকে প্রতিষ্ঠান থেকে ঘাড়
স্থানীয় সূত্রে জানা গেছে, স্বামী সকালের বিবাদে ভেঙে পড়ে।
স্থানীয় সূত্রে জানা গেছে, স্বামী সকালের বিবাদে ভেঙে পড়ে। স্থানীয় সূত্রে জানা গেছে, স্বামী সকালের বিবাদে ভেঙে পড়ে। স্থানীয় সূত্রে জানা গেছে, স্বামী সকালের বিবাদে ভেঙে পড়ে। স্থানীয় সূত্রে জানা গেছে, স্বামী সকালের বিবাদে ভেঙে পড়ে। স্থানীয় সূত্রে জানা গেছে, স্বামী সকালের বিবাদে ভেঙে পড়ে। স্থানীয় সূত্রে জানা গেছে, স্বামী সকালের বিবাদে ভেঙে পড়ে। স্থানীয় সূত্রে জানা গেছে, স্বামী সকালের বিবাদে ভেঙে পড়ে। স্থানীয় সূত্রে জানা গেছে, স্বামী সকালের বিবাদে ভেঙে পড়ে। স্থানীয় সূত্রে জানা গেছে, স্বামী সকালের বিবাদে ভেঙে পড়ে। স্থানীয় সূত্রে জানা গেছে, স্বামী সকালের বিবাদে ভেঙে পড়ে। স্থানীয় সূত্রে জানা গেছে, স্বামী সকালের বিবাদে ভেঙে পড়ে। স্থানীয় সূত্রে জানা গেছে, স্বামী সকালের বিবাদে ভেঙে পড়ে। স্থানীয় সূত্রে জানা গেছে, স্বামী সকালের বিবাদে ভেঙে পড়ে। স্থানীয় সূত্রে জানা গেছে, স্বামী সকালের বিবাদে ভেঙে পড়ে। স্থানীয় সূত্রে জানা গেছে, স্বামী সকালের বিবাদে ভেঙে পড়ে। স্থানীয় সূত্রে জানা গেছে, স্বামী সকালের বিবাদে ভেঙে পড়ে। স্থানীয় সূত্রে জানা গেছে, স্বামী সকালের বিবাদে ভেঙে পড়ে। স্থানীয় সূত্রে জানা গেছে, স্বামী সকালের বিবাদে ভেঙে পড়ে। স্থানীয় সূত্রে জানা গেছে, স্বামী সকালের বিবাদে ভেঙে পড়ে। স্থানীয় সূত্রে জানা গেছে, স্বামী সকালের বিবাদে ভেঙে পড়ে। স্থানীয় সূত্রে জানা গেছে, স্বামী সকালের বিবাদে ভেঙে পড়ে। স্থানীয় সূত্রে জানা গেছে, স্বামী সকালের বিবাদে ভেঙে পড়ে। স্থানীয় সূত্রে জানা গেছে, স্বামী সকালের বিবাদে ভেঙে পড়ে। স্থানীয় সূত্রে জানা গেছে, স্বামী সকালের বিবাদে ভেঙে পড়ে। স্থানীয় সূত্রে জানা গেছে, স্বামী সকালের বিবাদে ভেঙে পড়ে। স্থানীয় সূত্রে জানা গেছে, স্বামী সকালের বিবাদে ভেঙে পড়ে। স্থানীয় সূত্রে জানা গেছে, স্বামী সকালের বিবাদে ভেঙে পড়ে। স্থানীয় সূত্রে জানা গেছে, স্বামী সকালের বিবাদে ভেঙে পড়ে। স্থানীয় সূত্রে জানা গেছে, স্বামী সকালের বিবাদে ভেঙে পড়ে। স্থানীয় সূত্রে জানা গেছে, স্বামী সকালের বিবাদে ভেঙে পড়ে। স্থানীয় সূত্রে জানা গেছে, স্বামী সকালের বিবাদে ভেঙে পড়ে। স্থানীয় সূত্রে জানা গেছে, স্বামী সকালের বিবাদে ভেঙে পড়ে। স্থানীয় সূত্রে জানা গেছে, স্বামী সকালের বিবাদে ভেঙে পড়ে। স্থানীয় সূত্রে জানা গেছে, স্বামী সকালের বিবাদে ভেঙে পড়ে। স্থানীয় সূত্রে জানা গেছে, স্বামী সকালের বিবাদে ভেঙে পড়ে। স্থানীয় সূত্রে জানা গেছে, স্বামী সকালের বিবাদে ভেঙে পড়ে। স্থানীয় সূত্রে জানা গেছে, স্বামী সকালের বিবাদে ভেঙে পড়ে। স্থানীয় সূত্রে জানা গেছে, স্বামী সকালের বিবাদে ভেঙে পড়ে। স্থানীয় সূত্রে জানা গেছে, স্বামী সকালের বিবাদে ভেঙে পড়ে। স্থানীয় সূত্রে জানা গেছে, স্বামী সকালের বিবাদে ভেঙে পড়ে।
কোরবানির চামড়া নিয়ে
এ দুর্দশার শুধু কিছু নয় বরং প্রতি বছর চামড়া নিয়ে বিপর্যয়ের মুখে পড়েছে।
এ দুর্দশার শুধু কিছু নয় বরং প্রতি বছর চামড়া নিয়ে বিপর্যয়ের মুখে পড়েছে। এ দুর্দশার শুধু কিছু নয় বরং প্রতি বছর চামড়া নিয়ে বিপর্যয়ের মুখে পড়েছে। এ দুর্দশার শুধু কিছু নয় বরং প্রতি বছর চামড়া নিয়ে বিপর্যয়ের মুখে পড়েছে। এ দুর্দশার শুধু কিছু নয় বরং প্রতি বছর চামড়া নিয়ে বিপর্যয়ের মুখে পড়েছে। এ দুর্দশার শুধু কিছু নয় বরং প্রতি বছর চামড়া নিয়ে বিপর্যয়ের মুখে পড়েছে। এ দুর্দশার শুধু কিছু নয় বরং প্রতি বছর চামড়া নিয়ে বিপর্যয়ের মুখে পড়েছে। এ দুর্দশার শুধু কিছু নয় বরং প্রতি বছর চামড়া নিয়ে বিপর্যয়ের মুখে পড়েছে। এ দুর্দশার শুধু কিছু নয় বরং প্রতি বছর চামড়া নিয়ে বিপর্যয়ের মুখে পড়েছে। এ দুর্দশার শুধু কিছু নয় বরং প্রতি বছর চামড়া নিয়ে বিপর্যয়ের মুখে পড়েছে। এ দুর্দশার শুধু কিছু নয় বরং প্রতি বছর চামড়া নিয়ে বিপর্যয়ের মুখে পড়েছে।
অবৈধ ডায়াগনস্টিক সেন্টারে
সাধারণ রোগীরা বিভিন্ন ধরনের প্রতারণার শিকার হচ্ছেন।
সাধারণ রোগীরা বিভিন্ন ধরনের প্রতারণার শিকার হচ্ছেন। সাধারণ রোগীরা বিভিন্ন ধরনের প্রতারণার শিকার হচ্ছেন। সাধারণ রোগীরা বিভিন্ন ধরনের প্রতারণার শিকার হচ্ছেন। সাধারণ রোগীরা বিভিন্ন ধরনের প্রতারণার শিকার হচ্ছেন। সাধারণ রোগীরা বিভিন্ন ধরনের প্রতারণার শিকার হচ্ছেন। সাধারণ রোগীরা বিভিন্ন ধরনের প্রতারণার শিকার হচ্ছেন। সাধারণ রোগীরা বিভিন্ন ধরনের প্রতারণার শিকার হচ্ছেন। সাধারণ রোগীরা বিভিন্ন ধরনের প্রতারণার শিকার হচ্ছেন। সাধারণ রোগীরা বিভিন্ন ধরনের প্রতারণার শিকার হচ্ছেন। সাধারণ রোগীরা বিভিন্ন ধরনের প্রতারণার শিকার হচ্ছেন। সাধারণ রোগীরা বিভিন্ন ধরনের প্রতারণার শিকার হচ্ছেন। সাধারণ রোগীরা বিভিন্ন ধরনের প্রতারণার শিকার হচ্ছেন। সাধারণ রোগীরা বিভিন্ন ধরনের প্রতারণার শিকার হচ্ছেন। সাধারণ রোগীরা বিভিন্ন ধরনের প্রতারণার শিকার হচ্ছেন। সাধারণ রোগীরা বিভিন্ন ধরনের প্রতারণার শিকার হচ্ছেন। সাধারণ রোগীরা বিভিন্ন ধরনের প্রতারণার শিকার হচ্ছেন। সাধারণ রোগীরা বিভিন্ন ধরনের প্রতারণার শিকার হচ্ছেন। সাধারণ রোগীরা বিভিন্ন ধরনের প্রতারণার শিকার হচ্ছেন। সাধারণ রোগীরা বিভিন্ন ধরনের প্রতারণার শিকার হচ্ছেন। সাধারণ রোগীরা বিভিন্ন ধরনের প্রতারণার শিকার হচ্ছেন। সাধারণ রোগীরা বিভিন্ন ধরনের প্রতারণার শিকার হচ্ছেন। সাধারণ রোগীরা বিভিন্ন ধরনের প্রতারণার শিকার হচ্ছেন। সাধারণ রোগীরা বিভিন্ন ধরনের প্রতারণার শিকার হচ্ছেন। সাধারণ রোগীরা বিভিন্ন ধরনের প্রতারণার শিকার হচ্ছেন।
ইশরাক মেয়র হলে কার
ভোট হয়ে গিয়েছে, নির্বাচন কমিশন থেকে প্রচার করেছে।
ভোট হয়ে গিয়েছে, নির্বাচন কমিশন থেকে প্রচার করেছে। ভোট হয়ে গিয়েছে, নির্বাচন কমিশন থেকে প্রচার করেছে। ভোট হয়ে গিয়েছে, নির্বাচন কমিশন থেকে প্রচার করেছে। ভোট হয়ে গিয়েছে, নির্বাচন কমিশন থেকে প্রচার করেছে। ভোট হয়ে গিয়েছে, নির্বাচন কমিশন থেকে প্রচার করেছে। ভোট হয়ে গিয়েছে, নির্বাচন কমিশন থেকে প্রচার করেছে। ভোট হয়ে গিয়েছে, নির্বাচন কমিশন থেকে প্রচার করেছে। ভোট হয়ে গিয়েছে, নির্বাচন কমিশন থেকে প্রচার করেছে। ভোট হয়ে গিয়েছে, নির্বাচন কমিশন থেকে প্রচার করেছে। ভোট হয়ে গিয়েছে, নির্বাচন কমিশন থেকে প্রচার করেছে। ভোট হয়ে গিয়েছে, নির্বাচন কমিশন থেকে প্রচার করেছে। ভোট হয়ে গিয়েছে, নির্বাচন কমিশন থেকে প্রচার করেছে। ভোট হয়ে গিয়েছে, নির্বাচন কমিশন থেকে প্রচার করেছে। ভোট হয়ে গিয়েছে, নির্বাচন কমিশন থেকে প্রচার করেছে। ভোট হয়ে গিয়েছে, নির্বাচন কমিশন থেকে প্রচার করেছে। ভোট হয়ে গিয়েছে, নির্বাচন কমিশন থেকে প্রচার করেছে। ভোট হয়ে গিয়েছে, নির্বাচন কমিশন থেকে প্রচার করেছে। ভোট হয়ে গিয়েছে, নির্বাচন কমিশন থেকে প্রচার করেছে। ভোট হয়ে গিয়েছে, নির্বাচন কমিশন থেকে প্রচার করেছে। ভোট হয়ে গিয়েছে, নির্বাচন কমিশন থেকে প্রচার করেছে।
আরো বক্তব্য দেন বিএনপি যুগ্ম মহাসচিব আন্তর্জাতিক সম্পাদক।
আরো বক্তব্য দেন বিএনপি যুগ্ম মহাসচিব আন্তর্জাতিক সম্পাদক। আরো বক্তব্য দেন বিএনপি যুগ্ম মহাসচিব আন্তর্জাতিক সম্পাদক। আরো বক্তব্য দেন বিএনপি যুগ্ম মহাসচিব আন্তর্জাতিক সম্পাদক। আরো বক্তব্য দেন বিএনপি যুগ্ম মহাসচিব আন্তর্জাতিক সম্পাদক। আরো বক্তব্য দেন বিএনপি যুগ্ম মহাসচিব আন্তর্জাতিক সম্পাদক। আরো বক্তব্য দেন বিএনপি যুগ্ম মহাসচিব আন্তর্জাতিক সম্পাদক।
বিএনপির মুখপাত্রের ভূমিকা
বেসরকারি স্থাপনায় তার দলের অবস্থান পরিষ্কার করা হয়েছে।
বেসরকারি স্থাপনায় তার দলের অবস্থান পরিষ্কার করা হয়েছে। বেসরকারি স্থাপনায় তার দলের অবস্থান পরিষ্কার করা হয়েছে। বেসরকারি স্থাপনায় তার দলের অবস্থান পরিষ্কার করা হয়েছে। বেসরকারি স্থাপনায় তার দলের অবস্থান পরিষ্কার করা হয়েছে। বেসরকারি স্থাপনায় তার দলের অবস্থান পরিষ্কার করা হয়েছে। বেসরকারি স্থাপনায় তার দলের অবস্থান পরিষ্কার করা হয়েছে। বেসরকারি স্থাপনায় তার দলের অবস্থান পরিষ্কার করা হয়েছে। বেসরকারি স্থাপনায় তার দলের অবস্থান পরিষ্কার করা হয়েছে। বেসরকারি স্থাপনায় তার দলের অবস্থান পরিষ্কার করা হয়েছে। বেসরকারি স্থাপনায় তার দলের অবস্থান পরিষ্কার করা হয়েছে। বেসরকারি স্থাপনায় তার দলের অবস্থান পরিষ্কার করা হয়েছে। বেসরকারি স্থাপনায় তার দলের অবস্থান পরিষ্কার করা হয়েছে। বেসরকারি স্থাপনায় তার দলের অবস্থান পরিষ্কার করা হয়েছে। বেসরকারি স্থাপনায় তার দলের অবস্থান পরিষ্কার করা হয়েছে। বেসরকারি স্থাপনায় তার দলের অবস্থান পরিষ্কার করা হয়েছে। বেসরকারি স্থাপনায় তার দলের অবস্থান পরিষ্কার করা হয়েছে। বেসরকারি স্থাপনায় তার দলের অবস্থান পরিষ্কার করা হয়েছে। বেসরকারি স্থাপনায় তার দলের অবস্থান পরিষ্কার করা হয়েছে। বেসরকারি স্থাপনায় তার দলের অবস্থান পরিষ্কার করা হয়েছে। বেসরকারি স্থাপনায় তার দলের অবস্থান পরিষ্কার করা হয়েছে। বেসরকারি স্থাপনায় তার দলের অবস্থান পরিষ্কার করা হয়েছে। বেসরকারি স্থাপনায় তার দলের অবস্থান পরিষ্কার করা হয়েছে। বেসরকারি স্থাপনায় তার দলের অবস্থান পরিষ্কার করা হয়েছে। বেসরকারি স্থাপনায় তার দলের অবস্থান পরিষ্কার করা হয়েছে। বেসরকারি স্থাপনায় তার দলের অবস্থান পরিষ্কার করা হয়েছে। বেসরকারি স্থাপনায় তার দলের অবস্থান পরিষ্কার করা হয়েছে। বেসরকারি স্থাপনায় তার দলের অবস্থান পরিষ্কার করা হয়েছে। বেসরকারি স্থাপনায় তার দলের অবস্থান পরিষ্কার করা হয়েছে। বেসরকারি স্থাপনায় তার দলের অবস্থান পরিষ্কার করা হয়েছে। বেসরকারি স্থাপনায় তার দলের অবস্থান পরিষ্কার করা হয়েছে।
জকিগঞ্জ সীমান্তে রোহিঙ্গা
ক্যাম্পের পাহারাদাররা কর্মকর্তার পাহারায় এই ঘটনা ঘটেছে।
ক্যাম্পের পাহারাদাররা কর্মকর্তার পাহারায় এই ঘটনা ঘটেছে। ক্যাম্পের পাহারাদাররা কর্মকর্তার পাহারায় এই ঘটনা ঘটেছে। ক্যাম্পের পাহারাদাররা কর্মকর্তার পাহারায় এই ঘটনা ঘটেছে। ক্যাম্পের পাহারাদাররা কর্মকর্তার পাহারায় এই ঘটনা ঘটেছে। ক্যাম্পের পাহারাদাররা কর্মকর্তার পাহারায় এই ঘটনা ঘটেছে। ক্যাম্পের পাহারাদাররা কর্মকর্তার পাহারায় এই ঘটনা ঘটেছে। ক্যাম্পের পাহারাদাররা কর্মকর্তার পাহারায় এই ঘটনা ঘটেছে। ক্যাম্পের পাহারাদাররা কর্মকর্তার পাহারায় এই ঘটনা ঘটেছে। ক্যাম্পের পাহারাদাররা কর্মকর্তার পাহারায় এই ঘটনা ঘটেছে। ক্যাম্পের পাহারাদাররা কর্মকর্তার পাহারায় এই ঘটনা ঘটেছে। ক্যাম্পের পাহারাদাররা কর্মকর্তার পাহারায় এই ঘটনা ঘটেছে। ক্যাম্পের পাহারাদাররা কর্মকর্তার পাহারায় এই ঘটনা ঘটেছে। ক্যাম্পের পাহারাদাররা কর্মকর্তার পাহারায় এই ঘটনা ঘটেছে। ক্যাম্পের পাহারাদাররা কর্মকর্তার পাহারায় এই ঘটনা ঘটেছে।
সত্যতা ও নিরপেক্ষতা বজায়
ও একটি পরিবর্তন হয়ে গেছে। এ সময় উপস্থিত ছিলেন সাংবাদিকরা।
ও একটি পরিবর্তন হয়ে গেছে। এ সময় উপস্থিত ছিলেন সাংবাদিকরা। ও একটি পরিবর্তন হয়ে গেছে। এ সময় উপস্থিত ছিলেন সাংবাদিকরা। ও একটি পরিবর্তন হয়ে গেছে। এ সময় উপস্থিত ছিলেন সাংবাদিকরা। ও একটি পরিবর্তন হয়ে গেছে। এ সময় উপস্থিত ছিলেন সাংবাদিকরা। ও একটি পরিবর্তন হয়ে গেছে। এ সময় উপস্থিত ছিলেন সাংবাদিকরা। ও একটি পরিবর্তন হয়ে গেছে। এ সময় উপস্থিত ছিলেন সাংবাদিকরা। ও একটি পরিবর্তন হয়ে গেছে। এ সময় উপস্থিত ছিলেন সাংবাদিকরা। ও একটি পরিবর্তন হয়ে গেছে। এ সময় উপস্থিত ছিলেন সাংবাদিকরা। ও একটি পরিবর্তন হয়ে গেছে। এ সময় উপস্থিত ছিলেন সাংবাদিকরা। ও একটি পরিবর্তন হয়ে গেছে। এ সময় উপস্থিত ছিলেন সাংবাদিকরা।
টাঙ্গাইলে মহাসড়কে আবারও
৫৫ জন যাত্রী নিয়ে বাসটি ঢাকা থেকে দুর্ঘটনায় কবলিত হয়েছে।
৫৫ জন যাত্রী নিয়ে বাসটি ঢাকা থেকে দুর্ঘটনায় কবলিত হয়েছে। ৫৫ জন যাত্রী নিয়ে বাসটি ঢাকা থেকে দুর্ঘটনায় কবলিত হয়েছে। ৫৫ জন যাত্রী নিয়ে বাসটি ঢাকা থেকে দুর্ঘটনায় কবলিত হয়েছে। ৫৫ জন যাত্রী নিয়ে বাসটি ঢাকা থেকে দুর্ঘটনায় কবলিত হয়েছে। ৫৫ জন যাত্রী নিয়ে বাসটি ঢাকা থেকে দুর্ঘটনায় কবলিত হয়েছে। ৫৫ জন যাত্রী নিয়ে বাসটি ঢাকা থেকে দুর্ঘটনায় কবলিত হয়েছে। ৫৫ জন যাত্রী নিয়ে বাসটি ঢাকা থেকে দুর্ঘটনায় কবলিত হয়েছে। ৫৫ জন যাত্রী নিয়ে বাসটি ঢাকা থেকে দুর্ঘটনায় কবলিত হয়েছে। ৫৫ জন যাত্রী নিয়ে বাসটি ঢাকা থেকে দুর্ঘটনায় কবলিত হয়েছে। ৫৫ জন যাত্রী নিয়ে বাসটি ঢাকা থেকে দুর্ঘটনায় কবলিত হয়েছে। ৫৫ জন যাত্রী নিয়ে বাসটি ঢাকা থেকে দুর্ঘটনায় কবলিত হয়েছে। ৫৫ জন যাত্রী নিয়ে বাসটি ঢাকা থেকে দুর্ঘটনায় কবলিত হয়েছে। ৫৫ জন যাত্রী নিয়ে বাসটি ঢাকা থেকে দুর্ঘটনায় কবলিত হয়েছে। ৫৫ জন যাত্রী নিয়ে বাসটি ঢাকা থেকে দুর্ঘটনায় কবলিত হয়েছে। ৫৫ জন যাত্রী নিয়ে বাসটি ঢাকা থেকে দুর্ঘটনায় কবলিত হয়েছে। ৫৫ জন যাত্রী নিয়ে বাসটি ঢাকা থেকে দুর্ঘটনায় কবলিত হয়েছে। ৫৫ জন যাত্রী নিয়ে বাসটি ঢাকা থেকে দুর্ঘটনায় কবলিত হয়েছে। ৫৫ জন যাত্রী নিয়ে বাসটি ঢাকা থেকে দুর্ঘটনায় কবলিত হয়েছে।
চুরি-ছিনতাইয়ের আতঙ্কে
বেড়ে হেঁটে চলেছে ও লুটপাট হয়েছে।
বেড়ে হেঁটে চলেছে ও লুটপাট হয়েছে। বেড়ে হেঁটে চলেছে ও লুটপাট হয়েছে। বেড়ে হেঁটে চলেছে ও লুটপাট হয়েছে। বেড়ে হেঁটে চলেছে ও লুটপাট হয়েছে। বেড়ে হেঁটে চলেছে ও লুটপাট হয়েছে। বেড়ে হেঁটে চলেছে ও লুটপাট হয়েছে। বেড়ে হেঁটে চলেছে ও লুটপাট হয়েছে। বেড়ে হেঁটে চলেছে ও লুটপাট হয়েছে। বেড়ে হেঁটে চলেছে ও লুটপাট হয়েছে। বেড়ে হেঁটে চলেছে ও লুটপাট হয়েছে। বেড়ে হেঁটে চলেছে ও লুটপাট হয়েছে। বেড়ে হেঁটে চলেছে ও লুটপাট হয়েছে। বেড়ে হেঁটে চলেছে ও লুটপাট হয়েছে। বেড়ে হেঁটে চলেছে ও লুটপাট হয়েছে। বেড়ে হেঁটে চলেছে ও লুটপাট হয়েছে। বেড়ে হেঁটে চলেছে ও লুটপাট হয়েছে। বেড়ে হেঁটে চলেছে ও লুটপাট হয়েছে। বেড়ে হেঁটে চলেছে ও লুটপাট হয়েছে। বেড়ে হেঁটে চলেছে ও লুটপাট হয়েছে। বেড়ে হেঁটে চলেছে ও লুটপাট হয়েছে। বেড়ে হেঁটে চলেছে ও লুটপাট হয়েছে। বেড়ে হেঁটে চলেছে ও লুটপাট হয়েছে। বেড়ে হেঁটে চলেছে ও লুটপাট হয়েছে। বেড়ে হেঁটে চলেছে ও লুটপাট হয়েছে। বেড়ে হেঁটে চলেছে ও লুটপাট হয়েছে। বেড়ে হেঁটে চলেছে ও লুটপাট হয়েছে। বেড়ে হেঁটে চলেছে ও লুটপাট হয়েছে। বেড়ে হেঁটে চলেছে ও লুটপাট হয়েছে। বেড়ে হেঁটে চলেছে ও লুটপাট হয়েছে। বেড়ে হেঁটে চলেছে ও লুটপাট হয়েছে। বেড়ে হেঁটে চলেছে ও লুটপাট হয়েছে। বেড়ে হেঁটে চলেছে ও লুটপাট হয়েছে। বেড়ে হেঁটে চলেছে ও লুটপাট হয়েছে। বেড়ে হেঁটে চলেছে ও লুটপাট হয়েছে।
চট্টগ্রাম বন্দরের ভার বিদেশিদের
সরকারি তথ্যসূত্র জানিয়েছে।
সরকারি তথ্যসূত্র জানিয়েছে। সরকারি তথ্যসূত্র জানিয়েছে। সরকারি তথ্যসূত্র জানিয়েছে। সরকারি তথ্যসূত্র জানিয়েছে। সরকারি তথ্যসূত্র জানিয়েছে। সরকারি তথ্যসূত্র জানিয়েছে। সরকারি তথ্যসূত্র জানিয়েছে। সরকারি তথ্যসূত্র জানিয়েছে। সরকারি তথ্যসূত্র জানিয়েছে। সরকারি তথ্যসূত্র জানিয়েছে। সরকারি তথ্যসূত্র জানিয়েছে। সরকারি তথ্যসূত্র জানিয়েছে। সরকারি তথ্যসূত্র জানিয়েছে। সরকারি তথ্যসূত্র জানিয়েছে। সরকারি তথ্যসূত্র জানিয়েছে। সরকারি তথ্যসূত্র জানিয়েছে। সরকারি তথ্যসূত্র জানিয়েছে। সরকারি তথ্যসূত্র জানিয়েছে। সরকারি তথ্যসূত্র জানিয়েছে। সরকারি তথ্যসূত্র জানিয়েছে। সরকারি তথ্যসূত্র জানিয়েছে। সরকারি তথ্যসূত্র জানিয়েছে। সরকারি তথ্যসূত্র জানিয়েছে। সরকারি তথ্যসূত্র জানিয়েছে। সরকারি তথ্যসূত্র জানিয়েছে। সরকারি তথ্যসূত্র জানিয়েছে। সরকারি তথ্যসূত্র জানিয়েছে। সরকারি তথ্যসূত্র জানিয়েছে। সরকারি তথ্যসূত্র জানিয়েছে। সরকারি তথ্যসূত্র জানিয়েছে। সরকারি তথ্যসূত্র জানিয়েছে। সরকারি তথ্যসূত্র জানিয়েছে। সরকারি তথ্যসূত্র জানিয়েছে। সরকারি তথ্যসূত্র জানিয়েছে। সরকারি তথ্যসূত্র জানিয়েছে। সরকারি তথ্যসূত্র জানিয়েছে। সরকারি তথ্যসূত্র জানিয়েছে। সরকারি তথ্যসূত্র জানিয়েছে। সরকারি তথ্যসূত্র জানিয়েছে। সরকারি তথ্যসূত্র জানিয়েছে।
মরুভূমি বিস্ময়কর
তেমনি হয়েছে আমাদের মহাসাগর।
তেমনি হয়েছে আমাদের মহাসাগর। তেমনি হয়েছে আমাদের মহাসাগর। তেমনি হয়েছে আমাদের মহাসাগর। তেমনি হয়েছে আমাদের মহাসাগর। তেমনি হয়েছে আমাদের মহাসাগর। তেমনি হয়েছে আমাদের মহাসাগর। তেমনি হয়েছে আমাদের মহাসাগর। তেমনি হয়েছে আমাদের মহাসাগর। তেমনি হয়েছে আমাদের মহাসাগর। তেমনি হয়েছে আমাদের মহাসাগর। তেমনি হয়েছে আমাদের মহাসাগর। তেমনি হয়েছে আমাদের মহাসাগর। তেমনি হয়েছে আমাদের মহাসাগর। তেমনি হয়েছে আমাদের মহাসাগর। তেমনি হয়েছে আমাদের মহাসাগর। তেমনি হয়েছে আমাদের মহাসাগর। তেমনি হয়েছে আমাদের মহাসাগর। তেমনি হয়েছে আমাদের মহাসাগর। তেমনি হয়েছে আমাদের মহাসাগর। তেমনি হয়েছে আমাদের মহাসাগর।
বেশি প্রকৃতি হয়েছে। মুখস্ত হয়েছে।
বেশি প্রকৃতি হয়েছে। মুখস্ত হয়েছে। বেশি প্রকৃতি হয়েছে। মুখস্ত হয়েছে। বেশি প্রকৃতি হয়েছে। মুখস্ত হয়েছে। বেশি প্রকৃতি হয়েছে। মুখস্ত হয়েছে। বেশি প্রকৃতি হয়েছে। মুখস্ত হয়েছে। বেশি প্রকৃতি হয়েছে। মুখস্ত হয়েছে। বেশি প্রকৃতি হয়েছে। মুখস্ত হয়েছে। বেশি প্রকৃতি হয়েছে। মুখস্ত হয়েছে। বেশি প্রকৃতি হয়েছে। মুখস্ত হয়েছে। বেশি প্রকৃতি হয়েছে। মুখস্ত হয়েছে। বেশি প্রকৃতি হয়েছে। মুখস্ত হয়েছে। বেশি প্রকৃতি হয়েছে। মুখস্ত হয়েছে। বেশি প্রকৃতি হয়েছে। মুখস্ত হয়েছে। বেশি প্রকৃতি হয়েছে। মুখস্ত হয়েছে। বেশি প্রকৃতি হয়েছে। মুখস্ত হয়েছে। বেশি প্রকৃতি হয়েছে। মুখস্ত হয়েছে। বেশি প্রকৃতি হয়েছে। মুখস্ত হয়েছে। বেশি প্রকৃতি হয়েছে। মুখস্ত হয়েছে। বেশি প্রকৃতি হয়েছে। মুখস্ত হয়েছে। বেশি প্রকৃতি হয়েছে। মুখস্ত হয়েছে। বেশি প্রকৃতি হয়েছে। মুখস্ত হয়েছে। বেশি প্রকৃতি হয়েছে। মুখস্ত হয়েছে। বেশি প্রকৃতি হয়েছে। মুখস্ত হয়েছে। বেশি প্রকৃতি হয়েছে। মুখস্ত হয়েছে। বেশি প্রকৃতি হয়েছে। মুখস্ত হয়েছে। বেশি প্রকৃতি হয়েছে। মুখস্ত হয়েছে। বেশি প্রকৃতি হয়েছে। মুখস্ত হয়েছে। বেশি প্রকৃতি হয়েছে। মুখস্ত হয়েছে। বেশি প্রকৃতি হয়েছে। মুখস্ত হয়েছে। বেশি প্রকৃতি হয়েছে। মুখস্ত হয়েছে। বেশি প্রকৃতি হয়েছে। মুখস্ত হয়েছে। বেশি প্রকৃতি হয়েছে। মুখস্ত হয়েছে। বেশি প্রকৃতি হয়েছে। মুখস্ত হয়েছে। বেশি প্রকৃতি হয়েছে। মুখস্ত হয়েছে। বেশি প্রকৃতি হয়েছে। মুখস্ত হয়েছে। বেশি প্রকৃতি হয়েছে। মুখস্ত হয়েছে। বেশি প্রকৃতি হয়েছে। মুখস্ত হয়েছে। বেশি প্রকৃতি হয়েছে। মুখস্ত হয়েছে। বেশি প্রকৃতি হয়েছে। মুখস্ত হয়েছে। বেশি প্রকৃতি হয়েছে। মুখস্ত হয়েছে।
বীরগঞ্জে আশ্রয়ন প্রকল্পে ঘর দখল
(৩০), হাসপাতালে চিকিৎসাধীন আছেন।
(৩০), হাসপাতালে চিকিৎসাধীন আছেন। (৩০), হাসপাতালে চিকিৎসাধীন আছেন। (৩০), হাসপাতালে চিকিৎসাধীন আছেন। (৩০), হাসপাতালে চিকিৎসাধীন আছেন। (৩০), হাসপাতালে চিকিৎসাধীন আছেন। (৩০), হাসপাতালে চিকিৎসাধীন আছেন। (৩০), হাসপাতালে চিকিৎসাধীন আছেন। (৩০), হাসপাতালে চিকিৎসাধীন আছেন। (৩০), হাসপাতালে চিকিৎসাধীন আছেন। (৩০), হাসপাতালে চিকিৎসাধীন আছেন। (৩০), হাসপাতালে চিকিৎসাধীন আছেন। (৩০), হাসপাতালে চিকিৎসাধীন আছেন। (৩০), হাসপাতালে চিকিৎসাধীন আছেন। (৩০), হাসপাতালে চিকিৎসাধীন আছেন। (৩০), হাসপাতালে চিকিৎসাধীন আছেন। (৩০), হাসপাতালে চিকিৎসাধীন আছেন। (৩০), হাসপাতালে চিকিৎসাধীন আছেন। (৩০), হাসপাতালে চিকিৎসাধীন আছেন। (৩০), হাসপাতালে চিকিৎসাধীন আছেন। (৩০), হাসপাতালে চিকিৎসাধীন আছেন। (৩০), হাসপাতালে চিকিৎসাধীন আছেন। (৩০), হাসপাতালে চিকিৎসাধীন আছেন। (৩০), হাসপাতালে চিকিৎসাধীন আছেন। (৩০), হাসপাতালে চিকিৎসাধীন আছেন। (৩০), হাসপাতালে চিকিৎসাধীন আছেন। (৩০), হাসপাতালে চিকিৎসাধীন আছেন। (৩০), হাসপাতালে চিকিৎসাধীন আছেন। (৩০), হাসপাতালে চিকিৎসাধীন আছেন।
ঝিকরগাছার এসিল্যান্ড
উপজেলা নির্বাহী অফিসার ও সহকারী কমিশনার (ভূমি) বদলি হয়েছেন।
উপজেলা নির্বাহী অফিসার ও সহকারী কমিশনার (ভূমি) বদলি হয়েছেন। উপজেলা নির্বাহী অফিসার ও সহকারী কমিশনার (ভূমি) বদলি হয়েছেন। উপজেলা নির্বাহী অফিসার ও সহকারী কমিশনার (ভূমি) বদলি হয়েছেন। উপজেলা নির্বাহী অফিসার ও সহকারী কমিশনার (ভূমি) বদলি হয়েছেন। উপজেলা নির্বাহী অফিসার ও সহকারী কমিশনার (ভূমি) বদলি হয়েছেন। উপজেলা নির্বাহী অফিসার ও সহকারী কমিশনার (ভূমি) বদলি হয়েছেন। উপজেলা নির্বাহী অফিসার ও সহকারী কমিশনার (ভূমি) বদলি হয়েছেন। উপজেলা নির্বাহী অফিসার ও সহকারী কমিশনার (ভূমি) বদলি হয়েছেন। উপজেলা নির্বাহী অফিসার ও সহকারী কমিশনার (ভূমি) বদলি হয়েছেন। উপজেলা নির্বাহী অফিসার ও সহকারী কমিশনার (ভূমি) বদলি হয়েছেন। উপজেলা নির্বাহী অফিসার ও সহকারী কমিশনার (ভূমি) বদলি হয়েছেন। উপজেলা নির্বাহী অফিসার ও সহকারী কমিশনার (ভূমি) বদলি হয়েছেন। উপজেলা নির্বাহী অফিসার ও সহকারী কমিশনার (ভূমি) বদলি হয়েছেন। উপজেলা নির্বাহী অফিসার ও সহকারী কমিশনার (ভূমি) বদলি হয়েছেন। উপজেলা নির্বাহী অফিসার ও সহকারী কমিশনার (ভূমি) বদলি হয়েছেন। উপজেলা নির্বাহী অফিসার ও সহকারী কমিশনার (ভূমি) বদলি হয়েছেন। উপজেলা নির্বাহী অফিসার ও সহকারী কমিশনার (ভূমি) বদলি হয়েছেন। উপজেলা নির্বাহী অফিসার ও সহকারী কমিশনার (ভূমি) বদলি হয়েছেন। উপজেলা নির্বাহী অফিসার ও সহকারী কমিশনার (ভূমি) বদলি হয়েছেন। উপজেলা নির্বাহী অফিসার ও সহকারী কমিশনার (ভূমি) বদলি হয়েছেন। উপজেলা নির্বাহী অফিসার ও সহকারী কমিশনার (ভূমি) বদলি হয়েছেন। উপজেলা নির্বাহী অফিসার ও সহকারী কমিশনার (ভূমি) বদলি হয়েছেন। উপজেলা নির্বাহী অফিসার ও সহকারী কমিশনার (ভূমি) বদলি হয়েছেন। উপজেলা নির্বাহী অফিসার ও সহকারী কমিশনার (ভূমি) বদলি হয়েছেন। উপজেলা নির্বাহী অফিসার ও সহকারী কমিশনার (ভূমি) বদলি হয়েছেন। উপজেলা নির্বাহী অফিসার ও সহকারী কমিশনার (ভূমি) বদলি হয়েছেন। উপজেলা নির্বাহী অফিসার ও সহকারী কমিশনার (ভূমি) বদলি হয়েছেন। উপজেলা নির্বাহী অফিসার ও সহকারী কমিশনার (ভূমি) বদলি হয়েছেন। উপজেলা নির্বাহী অফিসার ও সহকারী কমিশনার (ভূমি) বদলি হয়েছেন। উপজেলা নির্বাহী অফিসার ও সহকারী কমিশনার (ভূমি) বদলি হয়েছেন। উপজেলা নির্বাহী অফিসার ও সহকারী কমিশনার (ভূমি) বদলি হয়েছেন। উপজেলা নির্বাহী অফিসার ও সহকারী কমিশনার (ভূমি) বদলি হয়েছেন। উপজেলা নির্বাহী অফিসার ও সহকারী কমিশনার (ভূমি) বদলি হয়েছেন। উপজেলা নির্বাহী অফিসার ও সহকারী কমিশনার (ভূমি) বদলি হয়েছেন। উপজেলা নির্বাহী অফিসার ও সহকারী কমিশনার (ভূমি) বদলি হয়েছেন। উপজেলা নির্বাহী অফিসার ও সহকারী কমিশনার (ভূমি) বদলি হয়েছেন। উপজেলা নির্বাহী অফিসার ও সহকারী কমিশনার (ভূমি) বদলি হয়েছেন। উপজেলা নির্বাহী অফিসার ও সহকারী কমিশনার (ভূমি) বদলি হয়েছেন। উপজেলা নির্বাহী অফিসার ও সহকারী কমিশনার (ভূমি) বদলি হয়েছেন। উপজেলা নির্বাহী অফিসার ও সহকারী কমিশনার (ভূমি) বদলি হয়েছেন। উপজেলা নির্বাহী অফিসার ও সহকারী কমিশনার (ভূমি) বদলি হয়েছেন। উপজেলা নির্বাহী অফিসার ও সহকারী কমিশনার (ভূমি) বদলি হয়েছেন। উপজেলা নির্বাহী অফিসার ও সহকারী কমিশনার (ভূমি) বদলি হয়েছেন। উপজেলা নির্বাহী অফিসার ও সহকারী কমিশনার (ভূমি) বদলি হয়েছেন। উপজেলা নির্বাহী অফিসার ও সহকারী কমিশনার (ভূমি) বদলি হয়েছেন। উপজেলা নির্বাহী অফিসার ও সহকারী কমিশনার (ভূমি) বদলি হয়েছেন। উপজেলা নির্বাহী অফিসার ও সহকারী কমিশনার (ভূমি) বদলি হয়েছেন। উপজেলা নির্বাহী অফিসার ও সহকারী কমিশনার (ভূমি) বদলি হয়েছেন। উপজেলা নির্বাহী অফিসার ও সহকারী কমিশনার (ভূমি) বদলি হয়েছেন। উপজেলা নির্বাহী অফিসার ও সহকারী কমিশনার (ভূমি) বদলি হয়েছেন। উপজেলা নির্বাহী অফিসার ও সহকারী কমিশনার (ভূমি) বদলি হয়েছেন। উপজেলা নির্বাহী অফিসার ও সহকারী কমিশনার (ভূমি) বদলি হয়েছেন। উপজেলা নির্বাহী অফিসার ও সহকারী কমিশনার (ভূমি) বদলি হয়েছেন। উপজেলা নির্বাহী অফিসার ও সহকারী কমিশনার (ভূমি) বদলি হয়েছেন। উপজেলা নির্বাহী অফিসার ও সহকারী কমিশনার (ভূমি) বদলি হয়েছেন। উপজেলা নির্বাহী অফিসার ও সহকারী কমিশনার (ভূমি) বদলি হয়েছেন।
সিলেটে ৭৪ অস্থায়ী
সরকার সংশ্লিষ্ট সূত্রে জানা গেছে।
সরকার সংশ্লিষ্ট সূত্রে জানা গেছে। সরকার সংশ্লিষ্ট সূত্রে জানা গেছে। সরকার সংশ্লিষ্ট সূত্রে জানা গেছে। সরকার সংশ্লিষ্ট সূত্রে জানা গেছে। সরকার সংশ্লিষ্ট সূত্রে জানা গেছে। সরকার সংশ্লিষ্ট সূত্রে জানা গেছে। সরকার সংশ্লিষ্ট সূত্রে জানা গেছে। সরকার সংশ্লিষ্ট সূত্রে জানা গেছে। সরকার সংশ্লিষ্ট সূত্রে জানা গেছে। সরকার সংশ্লিষ্ট সূত্রে জানা গেছে। সরকার সংশ্লিষ্ট সূত্রে জানা গেছে। সরকার সংশ্লিষ্ট সূত্রে জানা গেছে। সরকার সংশ্লিষ্ট সূত্রে জানা গেছে। সরকার সংশ্লিষ্ট সূত্রে জানা গেছে। সরকার সংশ্লিষ্ট সূত্রে জানা গেছে। সরকার সংশ্লিষ্ট সূত্রে জানা গেছে। সরকার সংশ্লিষ্ট সূত্রে জানা গেছে। সরকার সংশ্লিষ্ট সূত্রে জানা গেছে। সরকার সংশ্লিষ্ট সূত্রে জানা গেছে। সরকার সংশ্লিষ্ট সূত্রে জানা গেছে। সরকার সংশ্লিষ্ট সূত্রে জানা গেছে। সরকার সংশ্লিষ্ট সূত্রে জানা গেছে। সরকার সংশ্লিষ্ট সূত্রে জানা গেছে। সরকার সংশ্লিষ্ট সূত্রে জানা গেছে। সরকার সংশ্লিষ্ট সূত্রে জানা গেছে। সরকার সংশ্লিষ্ট সূত্রে জানা গেছে। সরকার সংশ্লিষ্ট সূত্রে জানা গেছে। সরকার সংশ্লিষ্ট সূত্রে জানা গেছে। সরকার সংশ্লিষ্ট সূত্রে জানা গেছে। সরকার সংশ্লিষ্ট সূত্রে জানা গেছে। সরকার সংশ্লিষ্ট সূত্রে জানা গেছে। সরকার সংশ্লিষ্ট সূত্রে জানা গেছে। সরকার সংশ্লিষ্ট সূত্রে জানা গেছে। সরকার সংশ্লিষ্ট সূত্রে জানা গেছে। সরকার সংশ্লিষ্ট সূত্রে জানা গেছে। সরকার সংশ্লিষ্ট সূত্রে জানা গেছে। সরকার সংশ্লিষ্ট সূত্রে জানা গেছে। সরকার সংশ্লিষ্ট সূত্রে জানা গেছে। সরকার সংশ্লিষ্ট সূত্রে জানা গেছে। সরকার সংশ্লিষ্ট সূত্রে জানা গেছে। সরকার সংশ্লিষ্ট সূত্রে জানা গেছে। সরকার সংশ্লিষ্ট সূত্রে জানা গেছে। সরকার সংশ্লিষ্ট সূত্রে জানা গেছে। সরকার সংশ্লিষ্ট সূত্রে জানা গেছে। সরকার সংশ্লিষ্ট সূত্রে জানা গেছে। সরকার সংশ্লিষ্ট সূত্রে জানা গেছে। সরকার সংশ্লিষ্ট সূত্রে জানা গেছে। সরকার সংশ্লিষ্ট সূত্রে জানা গেছে। সরকার সংশ্লিষ্ট সূত্রে জানা গেছে। সরকার সংশ্লিষ্ট সূত্রে জানা গেছে।
ফটোগ্রাফারকে খুন করে
৫ একটি বড় ধরনের চোরাই মাল উদ্ধার করা হয়েছে।
৫ একটি বড় ধরনের চোরাই মাল উদ্ধার করা হয়েছে। ৫ একটি বড় ধরনের চোরাই মাল উদ্ধার করা হয়েছে। ৫ একটি বড় ধরনের চোরাই মাল উদ্ধার করা হয়েছে। ৫ একটি বড় ধরনের চোরাই মাল উদ্ধার করা হয়েছে। ৫ একটি বড় ধরনের চোরাই মাল উদ্ধার করা হয়েছে। ৫ একটি বড় ধরনের চোরাই মাল উদ্ধার করা হয়েছে। ৫ একটি বড় ধরনের চোরাই মাল উদ্ধার করা হয়েছে। ৫ একটি বড় ধরনের চোরাই মাল উদ্ধার করা হয়েছে। ৫ একটি বড় ধরনের চোরাই মাল উদ্ধার করা হয়েছে। ৫ একটি বড় ধরনের চোরাই মাল উদ্ধার করা হয়েছে। ৫ একটি বড় ধরনের চোরাই মাল উদ্ধার করা হয়েছে। ৫ একটি বড় ধরনের চোরাই মাল উদ্ধার করা হয়েছে। ৫ একটি বড় ধরনের চোরাই মাল উদ্ধার করা হয়েছে। ৫ একটি বড় ধরনের চোরাই মাল উদ্ধার করা হয়েছে। ৫ একটি বড় ধরনের চোরাই মাল উদ্ধার করা হয়েছে। ৫ একটি বড় ধরনের চোরাই মাল উদ্ধার করা হয়েছে।
